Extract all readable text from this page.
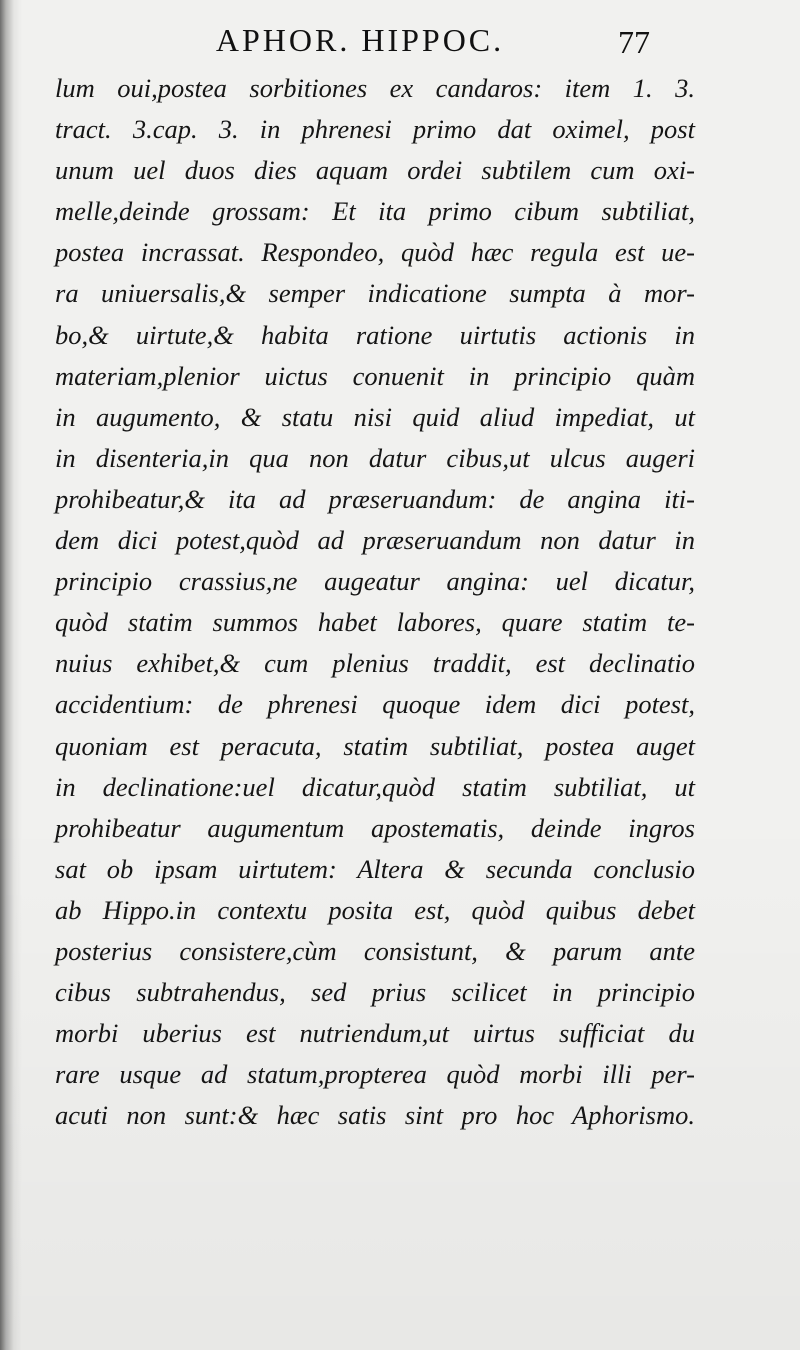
APHOR. HIPPOC.	77
lum oui,postea sorbitiones ex candaros: item 1. 3.
tract. 3.cap. 3. in phrenesi primo dat oximel, post
unum uel duos dies aquam ordei subtilem cum oxi-
melle,deinde grossam: Et ita primo cibum subtiliat,
postea incrassat. Respondeo, quòd hæc regula est ue-
ra uniuersalis,& semper indicatione sumpta à mor-
bo,& uirtute,& habita ratione uirtutis actionis in
materiam,plenior uictus conuenit in principio quàm
in augumento, & statu nisi quid aliud impediat, ut
in disenteria,in qua non datur cibus,ut ulcus augeri
prohibeatur,& ita ad præseruandum: de angina iti-
dem dici potest,quòd ad præseruandum non datur in
principio crassius,ne augeatur angina: uel dicatur,
quòd statim summos habet labores, quare statim te-
nuius exhibet,& cum plenius traddit, est declinatio
accidentium: de phrenesi quoque idem dici potest,
quoniam est peracuta, statim subtiliat, postea auget
in declinatione:uel dicatur,quòd statim subtiliat, ut
prohibeatur augumentum apostematis, deinde ingros
sat ob ipsam uirtutem: Altera & secunda conclusio
ab Hippo.in contextu posita est, quòd quibus debet
posterius consistere,cùm consistunt, & parum ante
cibus subtrahendus, sed prius scilicet in principio
morbi uberius est nutriendum,ut uirtus sufficiat du
rare usque ad statum,propterea quòd morbi illi per-
acuti non sunt:& hæc satis sint pro hoc Aphorismo.
